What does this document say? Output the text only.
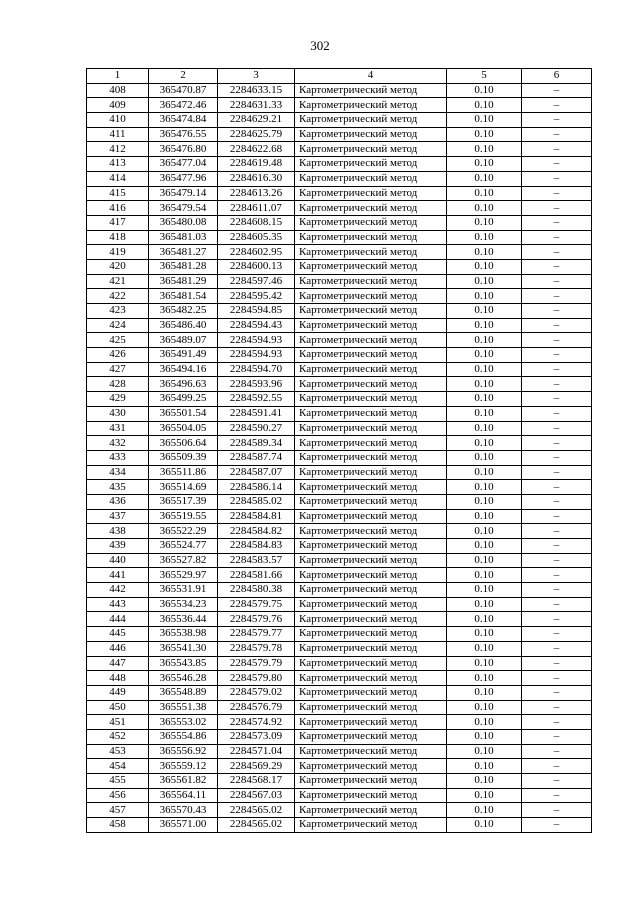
302
1	2	3	4	5	6
408	365470.87	2284633.15	Картометрический метод	0.10	–
409	365472.46	2284631.33	Картометрический метод	0.10	–
410	365474.84	2284629.21	Картометрический метод	0.10	–
411	365476.55	2284625.79	Картометрический метод	0.10	–
412	365476.80	2284622.68	Картометрический метод	0.10	–
413	365477.04	2284619.48	Картометрический метод	0.10	–
414	365477.96	2284616.30	Картометрический метод	0.10	–
415	365479.14	2284613.26	Картометрический метод	0.10	–
416	365479.54	2284611.07	Картометрический метод	0.10	–
417	365480.08	2284608.15	Картометрический метод	0.10	–
418	365481.03	2284605.35	Картометрический метод	0.10	–
419	365481.27	2284602.95	Картометрический метод	0.10	–
420	365481.28	2284600.13	Картометрический метод	0.10	–
421	365481.29	2284597.46	Картометрический метод	0.10	–
422	365481.54	2284595.42	Картометрический метод	0.10	–
423	365482.25	2284594.85	Картометрический метод	0.10	–
424	365486.40	2284594.43	Картометрический метод	0.10	–
425	365489.07	2284594.93	Картометрический метод	0.10	–
426	365491.49	2284594.93	Картометрический метод	0.10	–
427	365494.16	2284594.70	Картометрический метод	0.10	–
428	365496.63	2284593.96	Картометрический метод	0.10	–
429	365499.25	2284592.55	Картометрический метод	0.10	–
430	365501.54	2284591.41	Картометрический метод	0.10	–
431	365504.05	2284590.27	Картометрический метод	0.10	–
432	365506.64	2284589.34	Картометрический метод	0.10	–
433	365509.39	2284587.74	Картометрический метод	0.10	–
434	365511.86	2284587.07	Картометрический метод	0.10	–
435	365514.69	2284586.14	Картометрический метод	0.10	–
436	365517.39	2284585.02	Картометрический метод	0.10	–
437	365519.55	2284584.81	Картометрический метод	0.10	–
438	365522.29	2284584.82	Картометрический метод	0.10	–
439	365524.77	2284584.83	Картометрический метод	0.10	–
440	365527.82	2284583.57	Картометрический метод	0.10	–
441	365529.97	2284581.66	Картометрический метод	0.10	–
442	365531.91	2284580.38	Картометрический метод	0.10	–
443	365534.23	2284579.75	Картометрический метод	0.10	–
444	365536.44	2284579.76	Картометрический метод	0.10	–
445	365538.98	2284579.77	Картометрический метод	0.10	–
446	365541.30	2284579.78	Картометрический метод	0.10	–
447	365543.85	2284579.79	Картометрический метод	0.10	–
448	365546.28	2284579.80	Картометрический метод	0.10	–
449	365548.89	2284579.02	Картометрический метод	0.10	–
450	365551.38	2284576.79	Картометрический метод	0.10	–
451	365553.02	2284574.92	Картометрический метод	0.10	–
452	365554.86	2284573.09	Картометрический метод	0.10	–
453	365556.92	2284571.04	Картометрический метод	0.10	–
454	365559.12	2284569.29	Картометрический метод	0.10	–
455	365561.82	2284568.17	Картометрический метод	0.10	–
456	365564.11	2284567.03	Картометрический метод	0.10	–
457	365570.43	2284565.02	Картометрический метод	0.10	–
458	365571.00	2284565.02	Картометрический метод	0.10	–
